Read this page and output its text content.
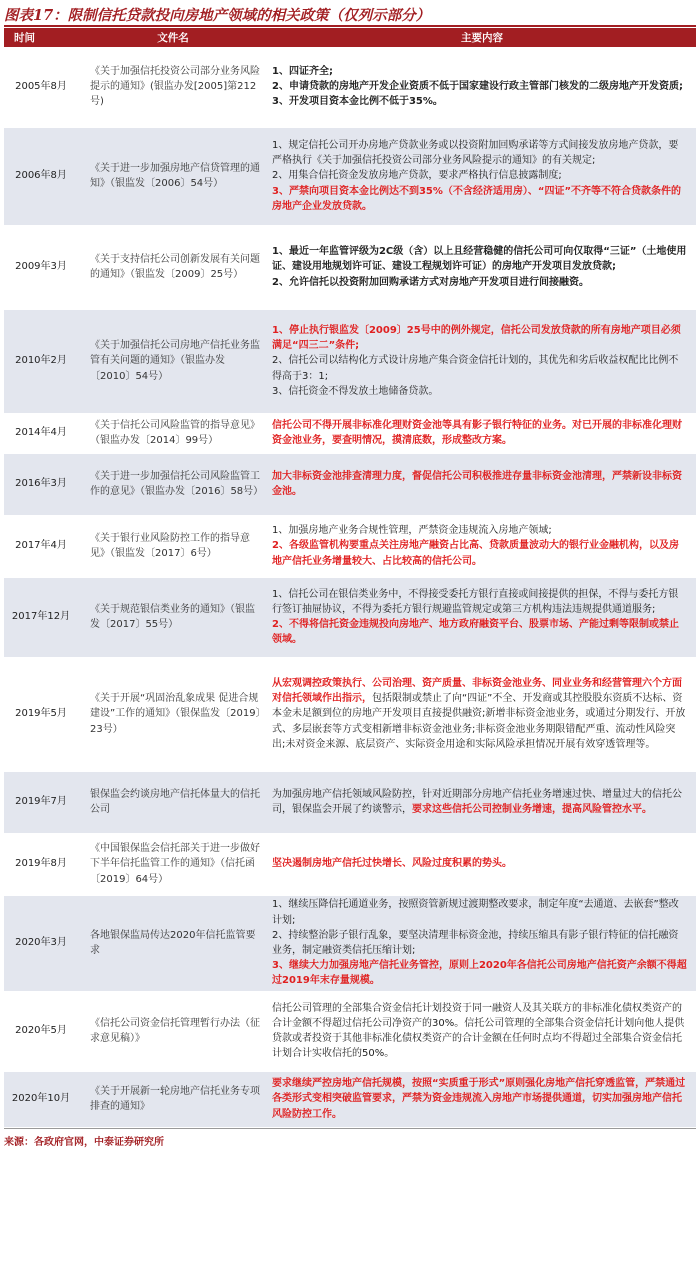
图表17：限制信托贷款投向房地产领域的相关政策（仅列示部分）
时间	文件名	主要内容
2005年8月	《关于加强信托投资公司部分业务风险提示的通知》(银监办发[2005]第212号)	1、四证齐全;
2、申请贷款的房地产开发企业资质不低于国家建设行政主管部门核发的二级房地产开发资质;
3、开发项目资本金比例不低于35%。

2006年8月	《关于进一步加强房地产信贷管理的通知》（银监发〔2006〕54号）	1、规定信托公司开办房地产贷款业务或以投资附加回购承诺等方式间接发放房地产贷款，要严格执行《关于加强信托投资公司部分业务风险提示的通知》的有关规定;
2、用集合信托资金发放房地产贷款，要求严格执行信息披露制度;
3、严禁向项目资本金比例达不到35%（不含经济适用房）、“四证”不齐等不符合贷款条件的房地产企业发放贷款。

2009年3月	《关于支持信托公司创新发展有关问题的通知》（银监发〔2009〕25号）	1、最近一年监管评级为2C级（含）以上且经营稳健的信托公司可向仅取得“三证”（土地使用证、建设用地规划许可证、建设工程规划许可证）的房地产开发项目发放贷款;
2、允许信托以投资附加回购承诺方式对房地产开发项目进行间接融资。

2010年2月	《关于加强信托公司房地产信托业务监管有关问题的通知》（银监办发〔2010〕54号）	1、停止执行银监发〔2009〕25号中的例外规定，信托公司发放贷款的所有房地产项目必须满足“四三二”条件;
2、信托公司以结构化方式设计房地产集合资金信托计划的，其优先和劣后收益权配比比例不得高于3：1;
3、信托资金不得发放土地储备贷款。

2014年4月	《关于信托公司风险监管的指导意见》（银监办发〔2014〕99号）	信托公司不得开展非标准化理财资金池等具有影子银行特征的业务。对已开展的非标准化理财资金池业务，要查明情况，摸清底数，形成整改方案。

2016年3月	《关于进一步加强信托公司风险监管工作的意见》（银监办发〔2016〕58号）	加大非标资金池排查清理力度，督促信托公司积极推进存量非标资金池清理，严禁新设非标资金池。

2017年4月	《关于银行业风险防控工作的指导意见》（银监发〔2017〕6号）	1、加强房地产业务合规性管理，严禁资金违规流入房地产领域;
2、各级监管机构要重点关注房地产融资占比高、贷款质量波动大的银行业金融机构，以及房地产信托业务增量较大、占比较高的信托公司。

2017年12月	《关于规范银信类业务的通知》（银监发〔2017〕55号）	1、信托公司在银信类业务中，不得接受委托方银行直接或间接提供的担保，不得与委托方银行签订抽屉协议，不得为委托方银行规避监管规定或第三方机构违法违规提供通道服务;
2、不得将信托资金违规投向房地产、地方政府融资平台、股票市场、产能过剩等限制或禁止领域。

2019年5月	《关于开展“巩固治乱象成果 促进合规建设”工作的通知》（银保监发〔2019〕23号）	从宏观调控政策执行、公司治理、资产质量、非标资金池业务、同业业务和经营管理六个方面对信托领域作出指示，包括限制或禁止了向“四证”不全、开发商或其控股股东资质不达标、资本金未足额到位的房地产开发项目直接提供融资;新增非标资金池业务，或通过分期发行、开放式、多层嵌套等方式变相新增非标资金池业务;非标资金池业务期限错配严重、流动性风险突出;未对资金来源、底层资产、实际资金用途和实际风险承担情况开展有效穿透管理等。

2019年7月	银保监会约谈房地产信托体量大的信托公司	为加强房地产信托领域风险防控，针对近期部分房地产信托业务增速过快、增量过大的信托公司，银保监会开展了约谈警示，要求这些信托公司控制业务增速，提高风险管控水平。

2019年8月	《中国银保监会信托部关于进一步做好下半年信托监管工作的通知》（信托函〔2019〕64号）	坚决遏制房地产信托过快增长、风险过度积累的势头。

2020年3月	各地银保监局传达2020年信托监管要求	1、继续压降信托通道业务，按照资管新规过渡期整改要求，制定年度“去通道、去嵌套”整改计划;
2、持续整治影子银行乱象，要坚决清理非标资金池，持续压缩具有影子银行特征的信托融资业务，制定融资类信托压缩计划;
3、继续大力加强房地产信托业务管控，原则上2020年各信托公司房地产信托资产余额不得超过2019年末存量规模。

2020年5月	《信托公司资金信托管理暂行办法（征求意见稿）》	信托公司管理的全部集合资金信托计划投资于同一融资人及其关联方的非标准化债权类资产的合计金额不得超过信托公司净资产的30%。信托公司管理的全部集合资金信托计划向他人提供贷款或者投资于其他非标准化债权类资产的合计金额在任何时点均不得超过全部集合资金信托计划合计实收信托的50%。

2020年10月	《关于开展新一轮房地产信托业务专项排查的通知》	要求继续严控房地产信托规模，按照“实质重于形式”原则强化房地产信托穿透监管，严禁通过各类形式变相突破监管要求，严禁为资金违规流入房地产市场提供通道，切实加强房地产信托风险防控工作。
来源：各政府官网，中泰证券研究所
